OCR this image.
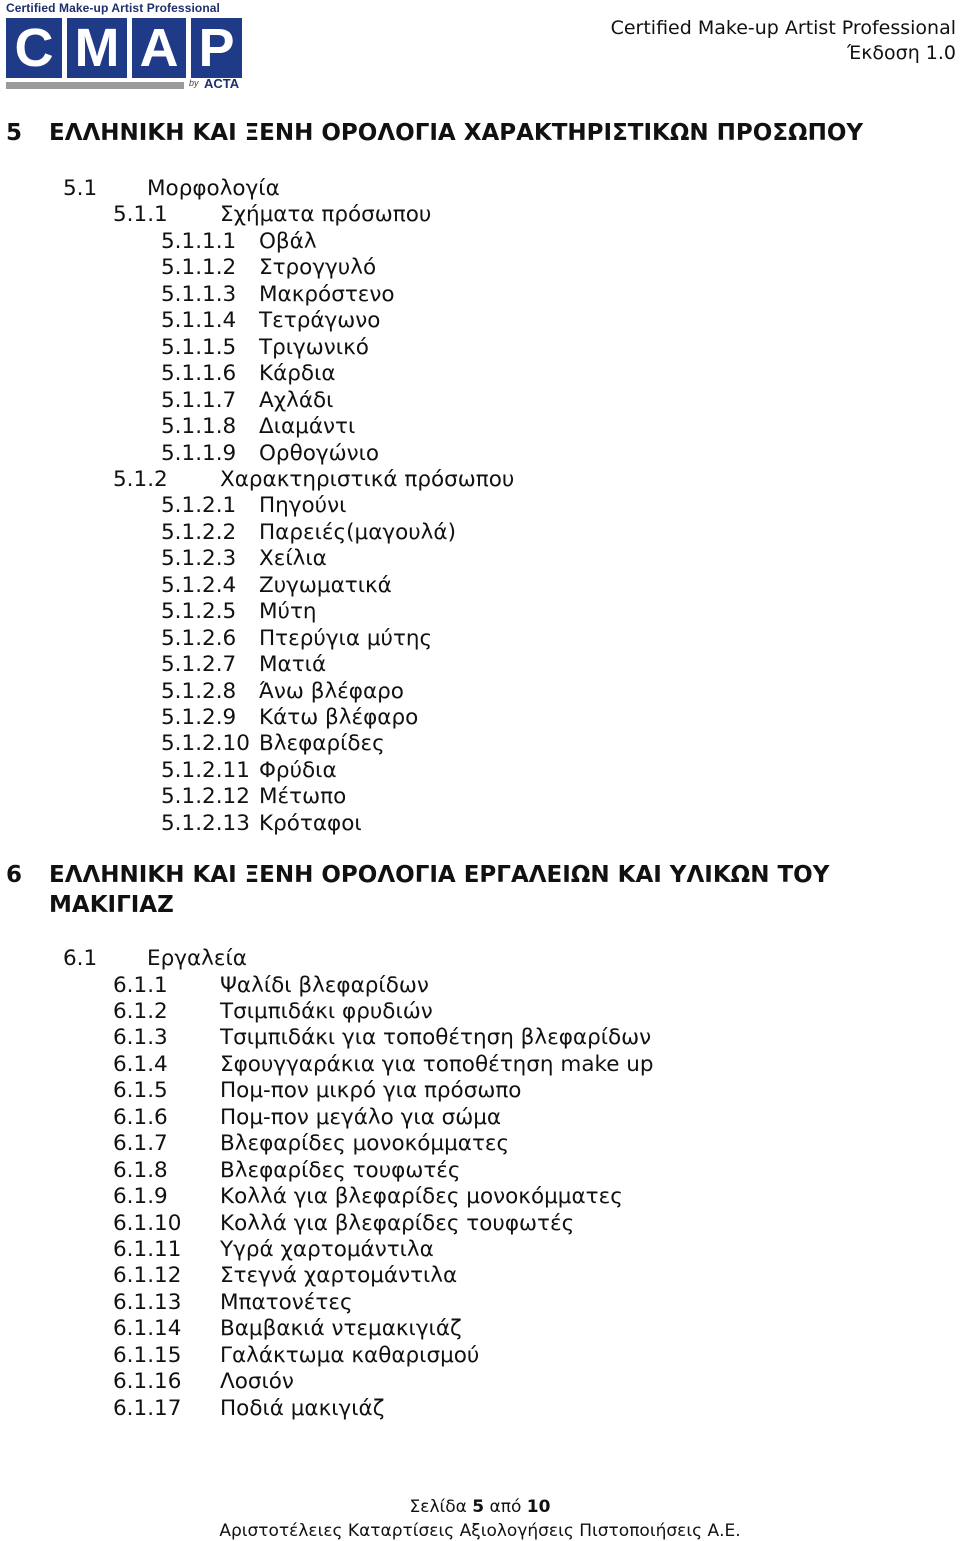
Certified Make-up Artist Professional
C M A P
by ACTA
Certified Make-up Artist Professional
Έκδοση 1.0
5 ΕΛΛΗΝΙΚΗ ΚΑΙ ΞΕΝΗ ΟΡΟΛΟΓΙΑ ΧΑΡΑΚΤΗΡΙΣΤΙΚΩΝ ΠΡΟΣΩΠΟΥ
5.1 Μορφολογία
5.1.1 Σχήματα πρόσωπου
5.1.1.1 Οβάλ
5.1.1.2 Στρογγυλό
5.1.1.3 Μακρόστενο
5.1.1.4 Τετράγωνο
5.1.1.5 Τριγωνικό
5.1.1.6 Κάρδια
5.1.1.7 Αχλάδι
5.1.1.8 Διαμάντι
5.1.1.9 Ορθογώνιο
5.1.2 Χαρακτηριστικά πρόσωπου
5.1.2.1 Πηγούνι
5.1.2.2 Παρειές(μαγουλά)
5.1.2.3 Χείλια
5.1.2.4 Ζυγωματικά
5.1.2.5 Μύτη
5.1.2.6 Πτερύγια μύτης
5.1.2.7 Ματιά
5.1.2.8 Άνω βλέφαρο
5.1.2.9 Κάτω βλέφαρο
5.1.2.10 Βλεφαρίδες
5.1.2.11 Φρύδια
5.1.2.12 Μέτωπο
5.1.2.13 Κρόταφοι
6 ΕΛΛΗΝΙΚΗ ΚΑΙ ΞΕΝΗ ΟΡΟΛΟΓΙΑ ΕΡΓΑΛΕΙΩΝ ΚΑΙ ΥΛΙΚΩΝ ΤΟΥ ΜΑΚΙΓΙΑΖ
6.1 Εργαλεία
6.1.1 Ψαλίδι βλεφαρίδων
6.1.2 Τσιμπιδάκι φρυδιών
6.1.3 Τσιμπιδάκι για τοποθέτηση βλεφαρίδων
6.1.4 Σφουγγαράκια για τοποθέτηση make up
6.1.5 Πομ-πον μικρό για πρόσωπο
6.1.6 Πομ-πον μεγάλο για σώμα
6.1.7 Βλεφαρίδες μονοκόμματες
6.1.8 Βλεφαρίδες τουφωτές
6.1.9 Κολλά για βλεφαρίδες μονοκόμματες
6.1.10 Κολλά για βλεφαρίδες τουφωτές
6.1.11 Υγρά χαρτομάντιλα
6.1.12 Στεγνά χαρτομάντιλα
6.1.13 Μπατονέτες
6.1.14 Βαμβακιά ντεμακιγιάζ
6.1.15 Γαλάκτωμα καθαρισμού
6.1.16 Λοσιόν
6.1.17 Ποδιά μακιγιάζ
Σελίδα 5 από 10
Αριστοτέλειες Καταρτίσεις Αξιολογήσεις Πιστοποιήσεις Α.Ε.
